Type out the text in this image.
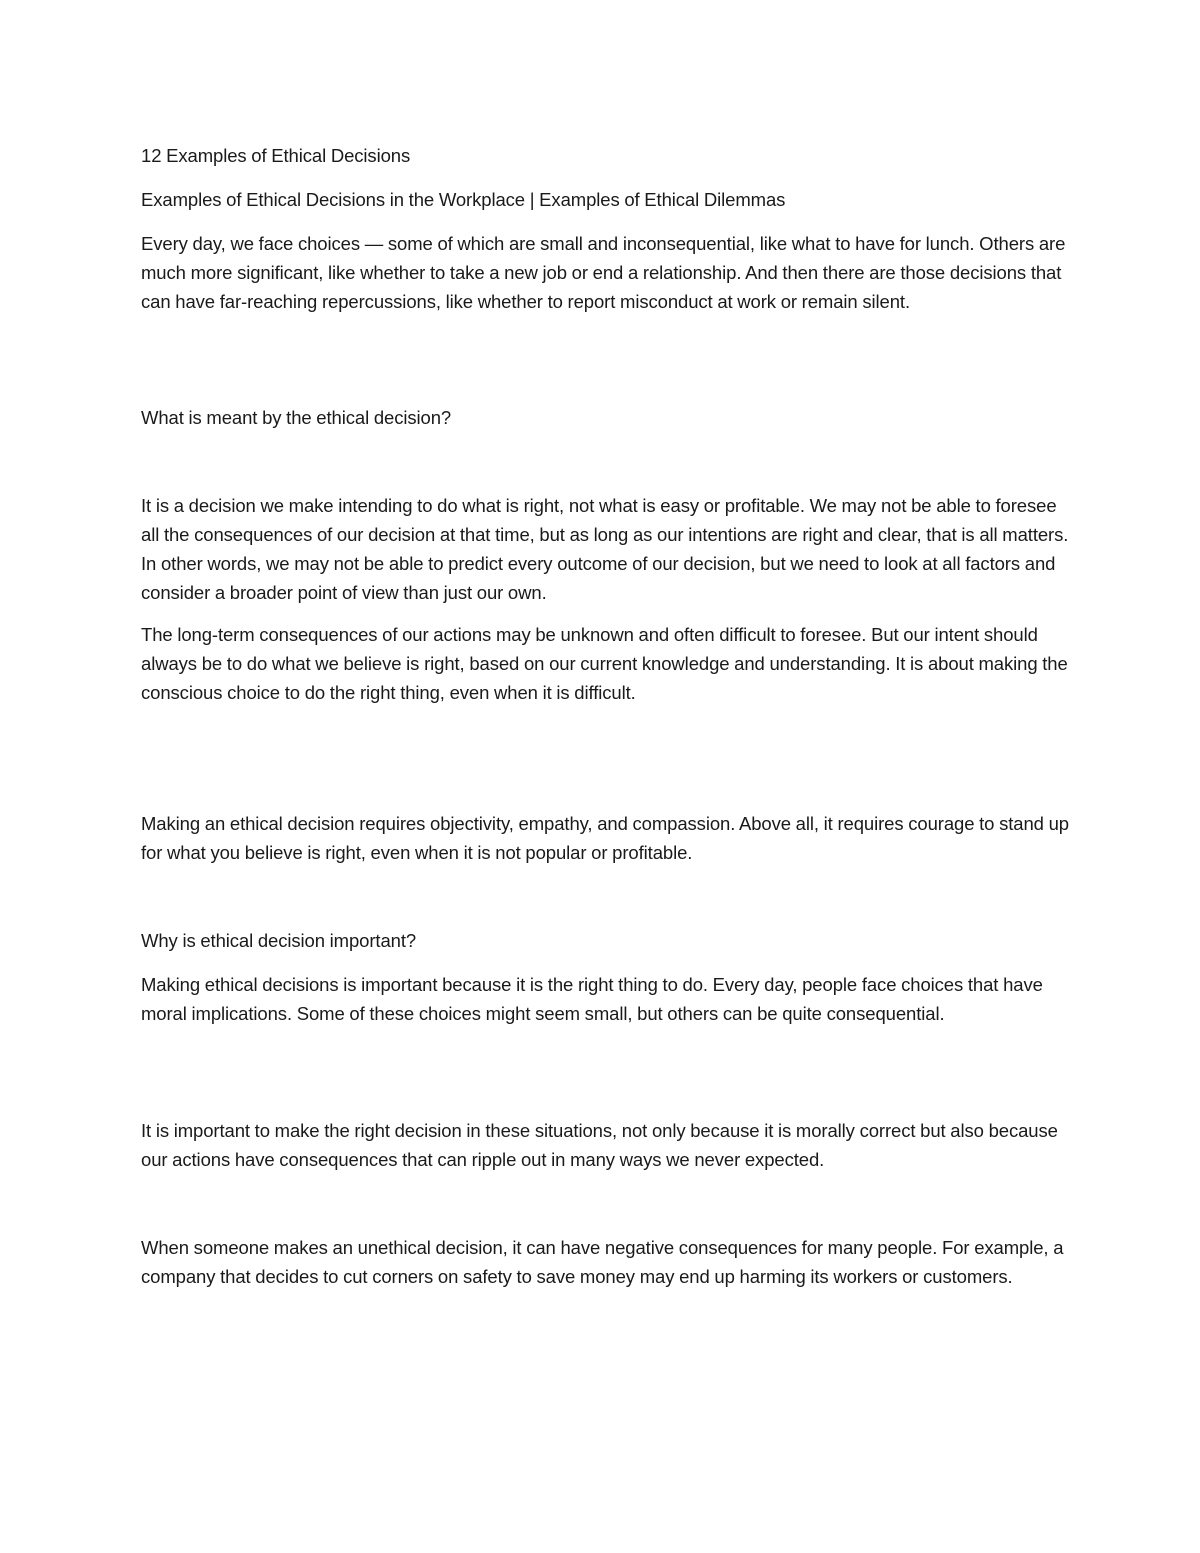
12 Examples of Ethical Decisions

Examples of Ethical Decisions in the Workplace | Examples of Ethical Dilemmas

Every day, we face choices — some of which are small and inconsequential, like what to have for lunch. Others are much more significant, like whether to take a new job or end a relationship. And then there are those decisions that can have far-reaching repercussions, like whether to report misconduct at work or remain silent.

What is meant by the ethical decision?

It is a decision we make intending to do what is right, not what is easy or profitable. We may not be able to foresee all the consequences of our decision at that time, but as long as our intentions are right and clear, that is all matters. In other words, we may not be able to predict every outcome of our decision, but we need to look at all factors and consider a broader point of view than just our own.

The long-term consequences of our actions may be unknown and often difficult to foresee. But our intent should always be to do what we believe is right, based on our current knowledge and understanding. It is about making the conscious choice to do the right thing, even when it is difficult.

Making an ethical decision requires objectivity, empathy, and compassion. Above all, it requires courage to stand up for what you believe is right, even when it is not popular or profitable.

Why is ethical decision important?

Making ethical decisions is important because it is the right thing to do. Every day, people face choices that have moral implications. Some of these choices might seem small, but others can be quite consequential.

It is important to make the right decision in these situations, not only because it is morally correct but also because our actions have consequences that can ripple out in many ways we never expected.

When someone makes an unethical decision, it can have negative consequences for many people. For example, a company that decides to cut corners on safety to save money may end up harming its workers or customers.
